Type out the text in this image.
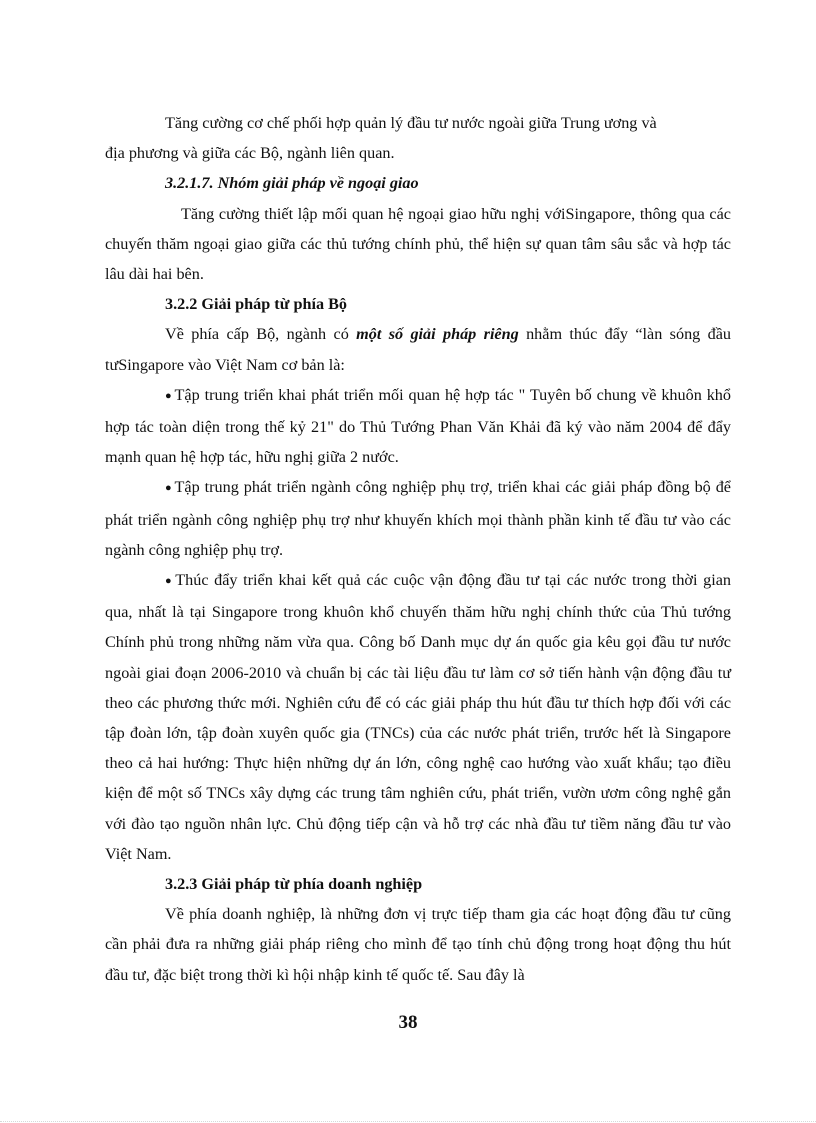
Tăng cường cơ chế phối hợp quản lý đầu tư nước ngoài giữa Trung ương và

địa phương và giữa các Bộ, ngành liên quan.

3.2.1.7. Nhóm giải pháp về ngoại giao

Tăng cường thiết lập mối quan hệ ngoại giao hữu nghị vớiSingapore, thông qua các chuyến thăm ngoại giao giữa các thủ tướng chính phủ, thể hiện sự quan tâm sâu sắc và hợp tác lâu dài hai bên.

3.2.2 Giải pháp từ phía Bộ

Về phía cấp Bộ, ngành có một số giải pháp riêng nhằm thúc đẩy “làn sóng đầu tưSingapore vào Việt Nam cơ bản là:

● Tập trung triển khai phát triển mối quan hệ hợp tác " Tuyên bố chung về khuôn khổ hợp tác toàn diện trong thế kỷ 21" do Thủ Tướng Phan Văn Khải đã ký vào năm 2004 để đẩy mạnh quan hệ hợp tác, hữu nghị giữa 2 nước.

● Tập trung phát triển ngành công nghiệp phụ trợ, triển khai các giải pháp đồng bộ để phát triển ngành công nghiệp phụ trợ như khuyến khích mọi thành phần kinh tế đầu tư vào các ngành công nghiệp phụ trợ.

● Thúc đẩy triển khai kết quả các cuộc vận động đầu tư tại các nước trong thời gian qua, nhất là tại Singapore trong khuôn khổ chuyến thăm hữu nghị chính thức của Thủ tướng Chính phủ trong những năm vừa qua. Công bố Danh mục dự án quốc gia kêu gọi đầu tư nước ngoài giai đoạn 2006-2010 và chuẩn bị các tài liệu đầu tư làm cơ sở tiến hành vận động đầu tư theo các phương thức mới. Nghiên cứu để có các giải pháp thu hút đầu tư thích hợp đối với các tập đoàn lớn, tập đoàn xuyên quốc gia (TNCs) của các nước phát triển, trước hết là Singapore theo cả hai hướng: Thực hiện những dự án lớn, công nghệ cao hướng vào xuất khẩu; tạo điều kiện để một số TNCs xây dựng các trung tâm nghiên cứu, phát triển, vườn ươm công nghệ gắn với đào tạo nguồn nhân lực. Chủ động tiếp cận và hỗ trợ các nhà đầu tư tiềm năng đầu tư vào Việt Nam.

3.2.3 Giải pháp từ phía doanh nghiệp

Về phía doanh nghiệp, là những đơn vị trực tiếp tham gia các hoạt động đầu tư cũng cần phải đưa ra những giải pháp riêng cho mình để tạo tính chủ động trong hoạt động thu hút đầu tư, đặc biệt trong thời kì hội nhập kinh tế quốc tế. Sau đây là

38
